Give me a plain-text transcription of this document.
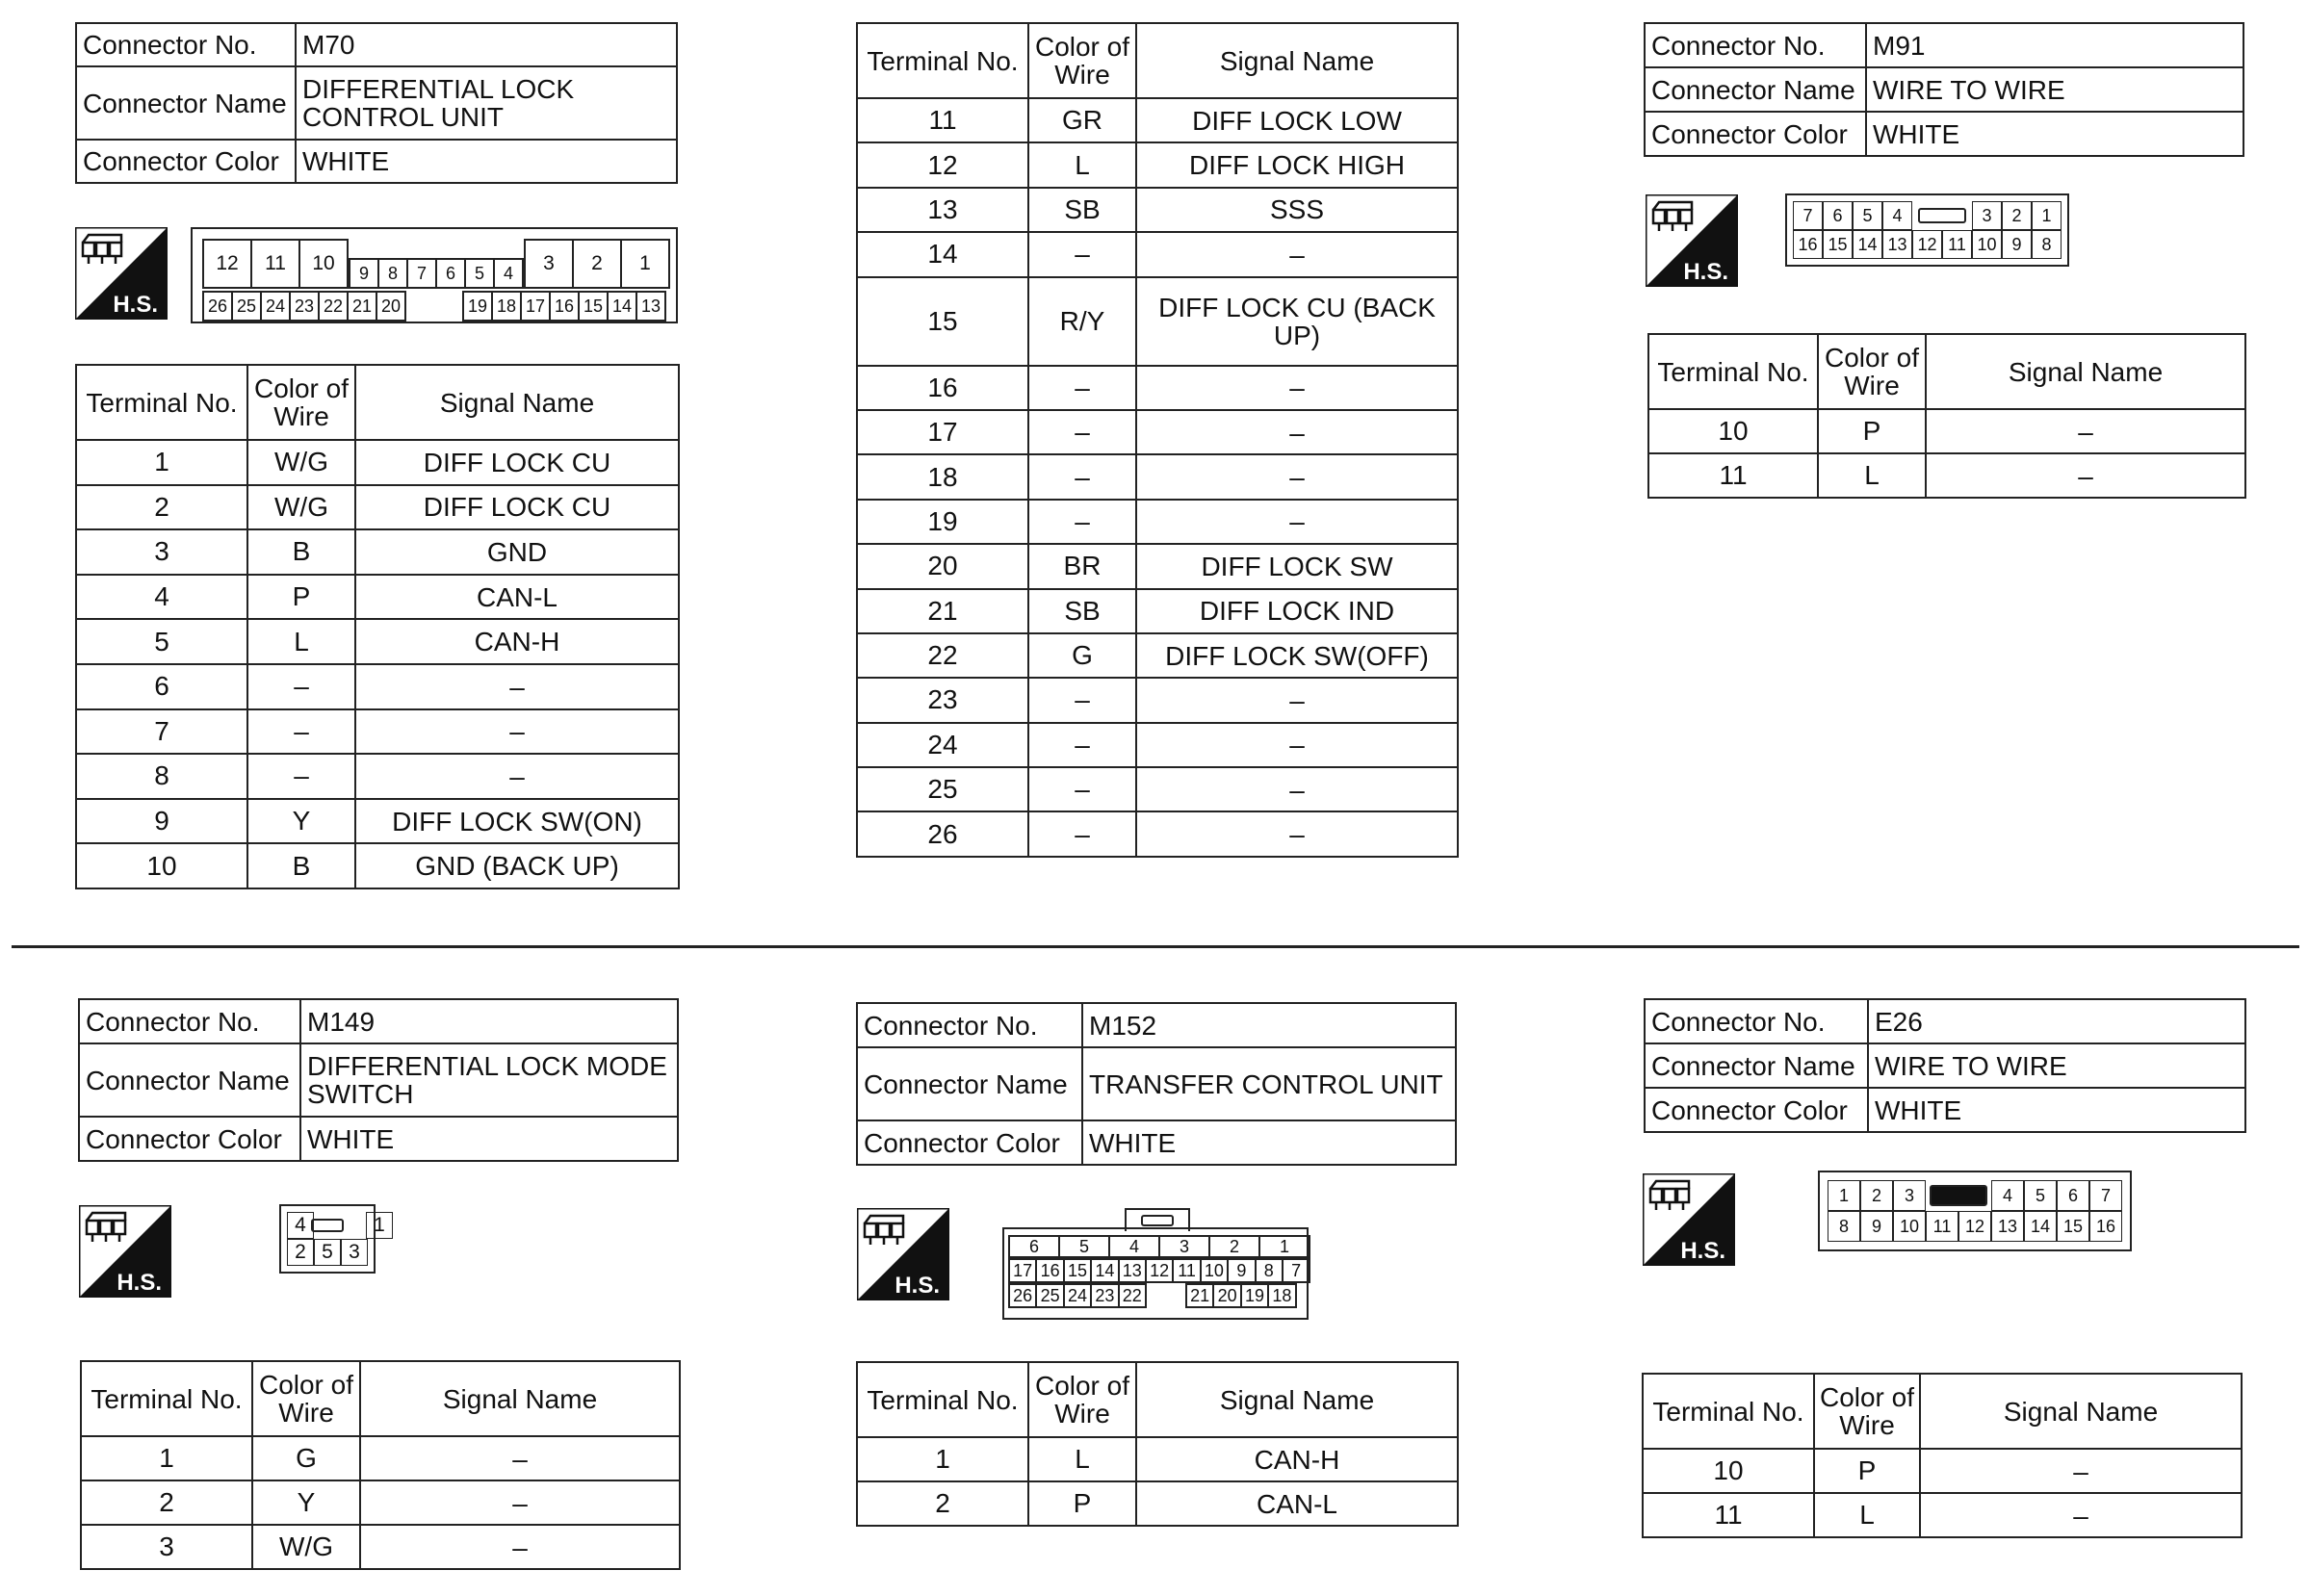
Connector No.	M70
Connector Name	DIFFERENTIAL LOCK CONTROL UNIT
Connector Color	WHITE
H.S.
12	11	10	9	8	7	6	5	4	3	2	1
26 25 24 23 22 21 20	19 18 17 16 15 14 13
Terminal No.	Color of Wire	Signal Name
1	W/G	DIFF LOCK CU
2	W/G	DIFF LOCK CU
3	B	GND
4	P	CAN-L
5	L	CAN-H
6	–	–
7	–	–
8	–	–
9	Y	DIFF LOCK SW(ON)
10	B	GND (BACK UP)
Terminal No.	Color of Wire	Signal Name
11	GR	DIFF LOCK LOW
12	L	DIFF LOCK HIGH
13	SB	SSS
14	–	–
15	R/Y	DIFF LOCK CU (BACK UP)
16	–	–
17	–	–
18	–	–
19	–	–
20	BR	DIFF LOCK SW
21	SB	DIFF LOCK IND
22	G	DIFF LOCK SW(OFF)
23	–	–
24	–	–
25	–	–
26	–	–
Connector No.	M91
Connector Name	WIRE TO WIRE
Connector Color	WHITE
H.S.
7	6	5	4	3	2	1
16 15 14 13 12 11 10 9	8
Terminal No.	Color of Wire	Signal Name
10	P	–
11	L	–
Connector No.	M149
Connector Name	DIFFERENTIAL LOCK MODE SWITCH
Connector Color	WHITE
H.S.
4	1
2 5 3
Terminal No.	Color of Wire	Signal Name
1	G	–
2	Y	–
3	W/G	–
Connector No.	M152
Connector Name	TRANSFER CONTROL UNIT
Connector Color	WHITE
H.S.
6	5	4	3	2	1
17 16 15 14 13 12 11 10 9	8	7
26 25 24 23 22	21 20 19 18
Terminal No.	Color of Wire	Signal Name
1	L	CAN-H
2	P	CAN-L
Connector No.	E26
Connector Name	WIRE TO WIRE
Connector Color	WHITE
H.S.
1	2	3	4	5	6	7
8	9	10 11 12 13 14 15 16
Terminal No.	Color of Wire	Signal Name
10	P	–
11	L	–
